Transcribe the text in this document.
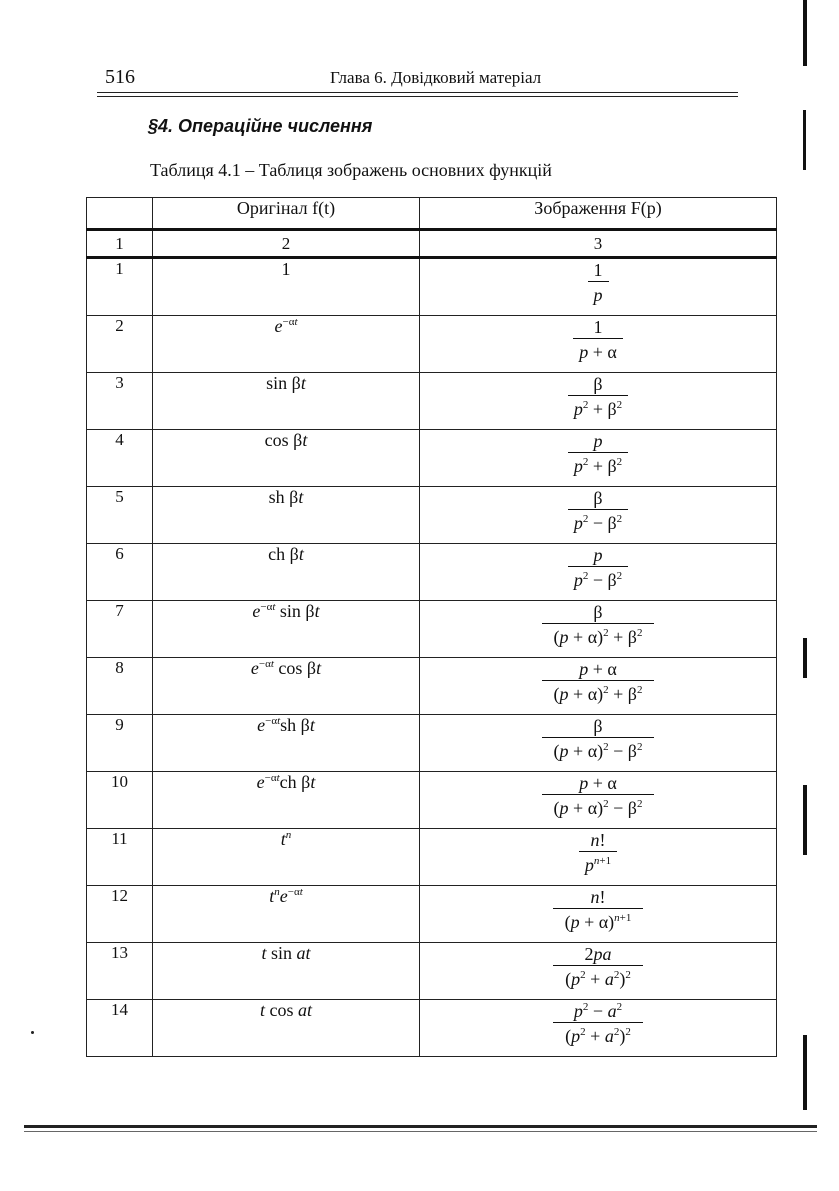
516	Глава 6. Довідковий матеріал
§4. Операційне числення
Таблиця 4.1 – Таблиця зображень основних функцій
	Оригінал f(t)	Зображення F(p)
1	2	3
1	1	$\frac{1}{p}$

2	$e^{-\alpha t}$	$\frac{1}{p + \alpha}$

3	sin βt	$\frac{\beta}{p^2 + \beta^2}$

4	cos βt	$\frac{p}{p^2 + \beta^2}$

5	sh βt	$\frac{\beta}{p^2 - \beta^2}$

6	ch βt	$\frac{p}{p^2 - \beta^2}$

7	$e^{-\alpha t}$ sin βt	$\frac{\beta}{(p + \alpha)^2 + \beta^2}$

8	$e^{-\alpha t}$ cos βt	$\frac{p + \alpha}{(p + \alpha)^2 + \beta^2}$

9	$e^{-\alpha t}sh$ βt	$\frac{\beta}{(p + \alpha)^2 - \beta^2}$

10	$e^{-\alpha t}ch$ βt	$\frac{p + \alpha}{(p + \alpha)^2 - \beta^2}$

11	$t^n$	$\frac{n!}{p^{n+1}}$

12	$t^ne^{-\alpha t}$	$\frac{n!}{(p + \alpha)^{n+1}}$

13	t sin at	$\frac{2pa}{(p^2 + a^2)^2}$

14	t cos at	$\frac{p^2 - a^2}{(p^2 + a^2)^2}$
